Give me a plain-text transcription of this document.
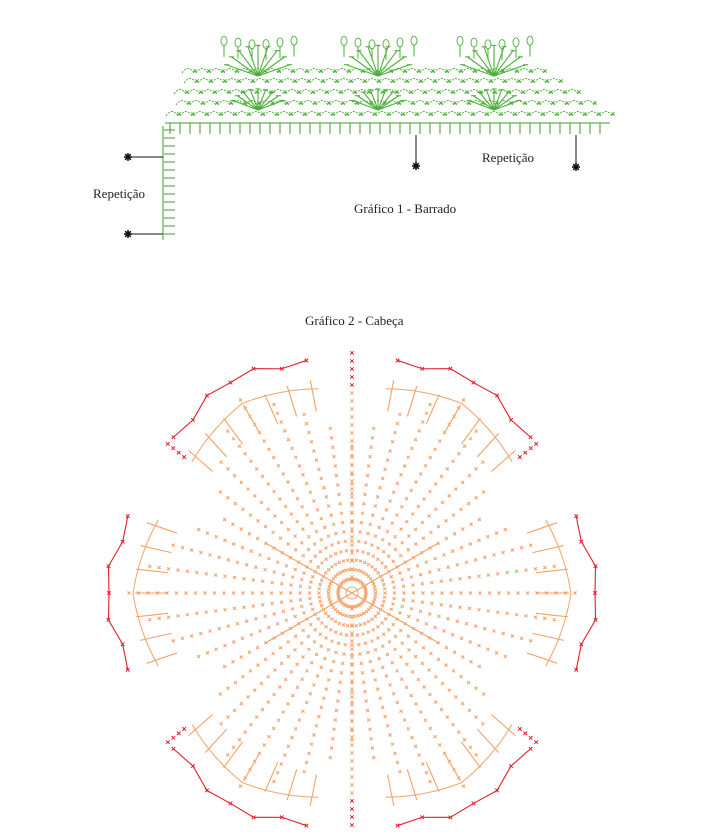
Repetição
Repetição
Gráfico 1 - Barrado
Gráfico 2 - Cabeça
